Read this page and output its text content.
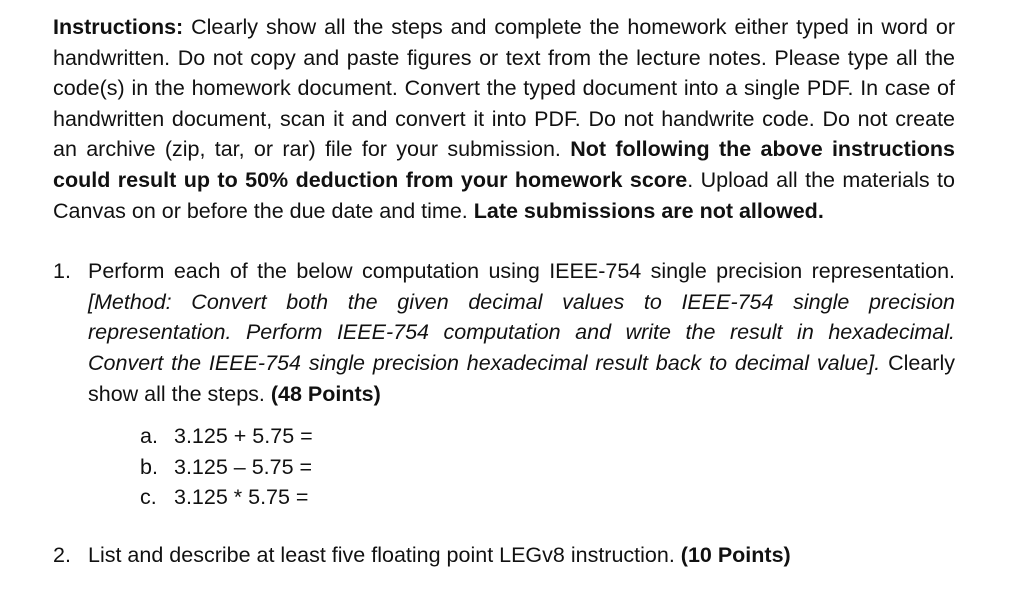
Instructions: Clearly show all the steps and complete the homework either typed in word or handwritten. Do not copy and paste figures or text from the lecture notes. Please type all the code(s) in the homework document. Convert the typed document into a single PDF. In case of handwritten document, scan it and convert it into PDF. Do not handwrite code. Do not create an archive (zip, tar, or rar) file for your submission. Not following the above instructions could result up to 50% deduction from your homework score. Upload all the materials to Canvas on or before the due date and time. Late submissions are not allowed.

1. Perform each of the below computation using IEEE-754 single precision representation. [Method: Convert both the given decimal values to IEEE-754 single precision representation. Perform IEEE-754 computation and write the result in hexadecimal. Convert the IEEE-754 single precision hexadecimal result back to decimal value]. Clearly show all the steps. (48 Points)
a. 3.125 + 5.75 =
b. 3.125 – 5.75 =
c. 3.125 * 5.75 =
2. List and describe at least five floating point LEGv8 instruction. (10 Points)
